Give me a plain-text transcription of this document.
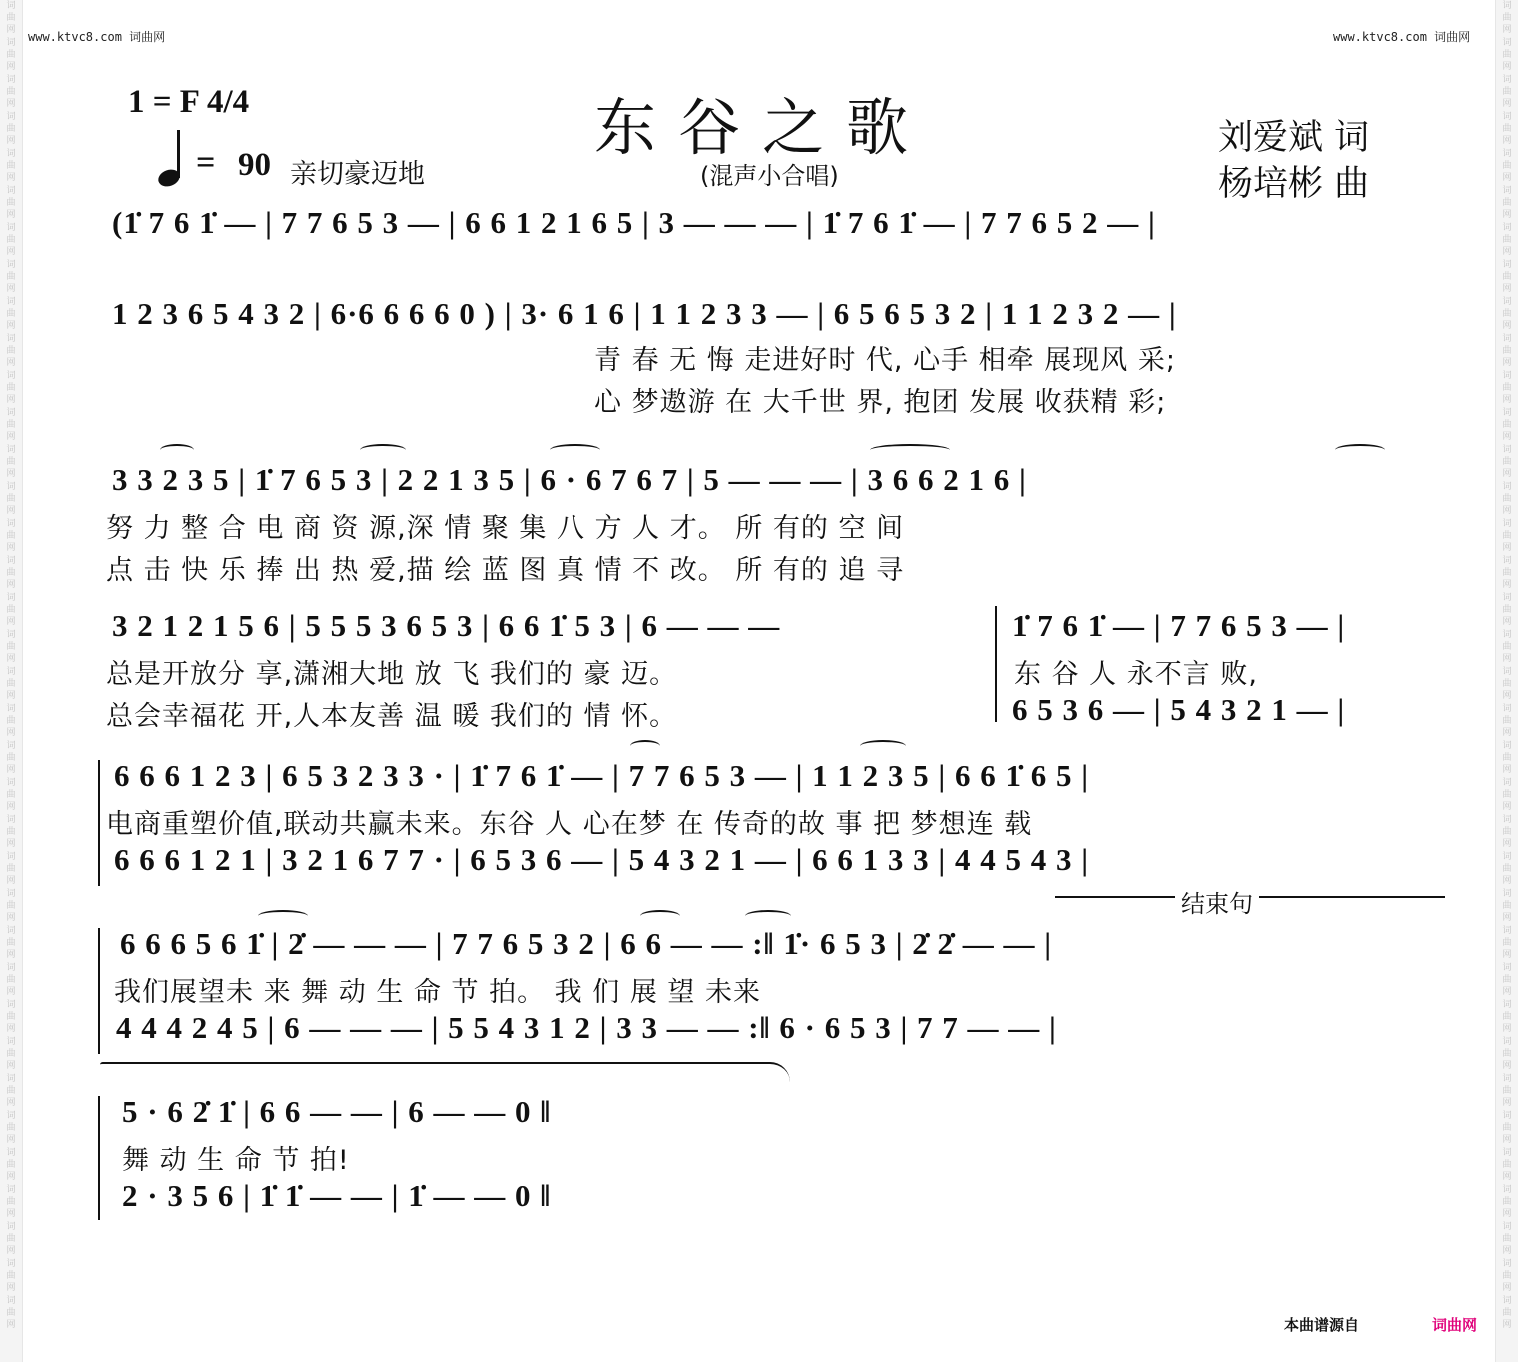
词
曲
网
词
曲
网
词
曲
网
词
曲
网
词
曲
网
词
曲
网
词
曲
网
词
曲
网
词
曲
网
词
曲
网
词
曲
网
词
曲
网
词
曲
网
词
曲
网
词
曲
网
词
曲
网
词
曲
网
词
曲
网
词
曲
网
词
曲
网
词
曲
网
词
曲
网
词
曲
网
词
曲
网
词
曲
网
词
曲
网
词
曲
网
词
曲
网
词
曲
网
词
曲
网
词
曲
网
词
曲
网
词
曲
网
词
曲
网
词
曲
网
词
曲
网
词
曲
网
词
曲
网
词
曲
网
词
曲
网
词
曲
网
词
曲
网
词
曲
网
词
曲
网
词
曲
网
词
曲
网
词
曲
网
词
曲
网
词
曲
网
词
曲
网
词
曲
网
词
曲
网
词
曲
网
词
曲
网
词
曲
网
词
曲
网
词
曲
网
词
曲
网
词
曲
网
词
曲
网
词
曲
网
词
曲
网
词
曲
网
词
曲
网
词
曲
网
词
曲
网
词
曲
网
词
曲
网
词
曲
网
词
曲
网
词
曲
网
词
曲
网
www.ktvc8.com 词曲网	www.ktvc8.com 词曲网
1 = F 4/4
= 90 亲切豪迈地
东谷之歌
(混声小合唱)
刘爱斌 词
杨培彬 曲
(1̇ 7 6 1̇ — | 7 7 6 5 3 — | 6 6 1 2 1 6 5 | 3 — — — | 1̇ 7 6 1̇ — | 7 7 6 5 2 — |
1 2 3 6 5 4 3 2 | 6·6 6 6 6 0 ) | 3· 6 1 6 | 1 1 2 3 3 — | 6 5 6 5 3 2 | 1 1 2 3 2 — |
青 春 无 悔 走进好时 代, 心手 相牵 展现风 采;
心 梦遨游 在 大千世 界, 抱团 发展 收获精 彩;
3 3 2 3 5 | 1̇ 7 6 5 3 | 2 2 1 3 5 | 6 · 6 7 6 7 | 5 — — — | 3 6 6 2 1 6 |
努 力 整 合 电 商 资 源,深 情 聚 集 八 方 人 才。 所 有的 空 间
点 击 快 乐 捧 出 热 爱,描 绘 蓝 图 真 情 不 改。 所 有的 追 寻
3 2 1 2 1 5 6 | 5 5 5 3 6 5 3 | 6 6 1̇ 5 3 | 6 — — —
总是开放分 享,潇湘大地 放 飞 我们的 豪 迈。
总会幸福花 开,人本友善 温 暖 我们的 情 怀。
1̇ 7 6 1̇ — | 7 7 6 5 3 — |
东 谷 人 永不言 败,
6 5 3 6 — | 5 4 3 2 1 — |
6 6 6 1 2 3 | 6 5 3 2 3 3 · | 1̇ 7 6 1̇ — | 7 7 6 5 3 — | 1 1 2 3 5 | 6 6 1̇ 6 5 |
电商重塑价值,联动共赢未来。东谷 人 心在梦 在 传奇的故 事 把 梦想连 载
6 6 6 1 2 1 | 3 2 1 6 7 7 · | 6 5 3 6 — | 5 4 3 2 1 — | 6 6 1 3 3 | 4 4 5 4 3 |
结束句
6 6 6 5 6 1̇ | 2̇ — — — | 7 7 6 5 3 2 | 6 6 — — :‖ 1̇· 6 5 3 | 2̇ 2̇ — — |
我们展望未 来 舞 动 生 命 节 拍。 我 们 展 望 未来
4 4 4 2 4 5 | 6 — — — | 5 5 4 3 1 2 | 3 3 — — :‖ 6 · 6 5 3 | 7 7 — — |
5 · 6 2̇ 1̇ | 6 6 — — | 6 — — 0 ‖
舞 动 生 命 节 拍!
2 · 3 5 6 | 1̇ 1̇ — — | 1̇ — — 0 ‖
本曲谱源自	词曲网
